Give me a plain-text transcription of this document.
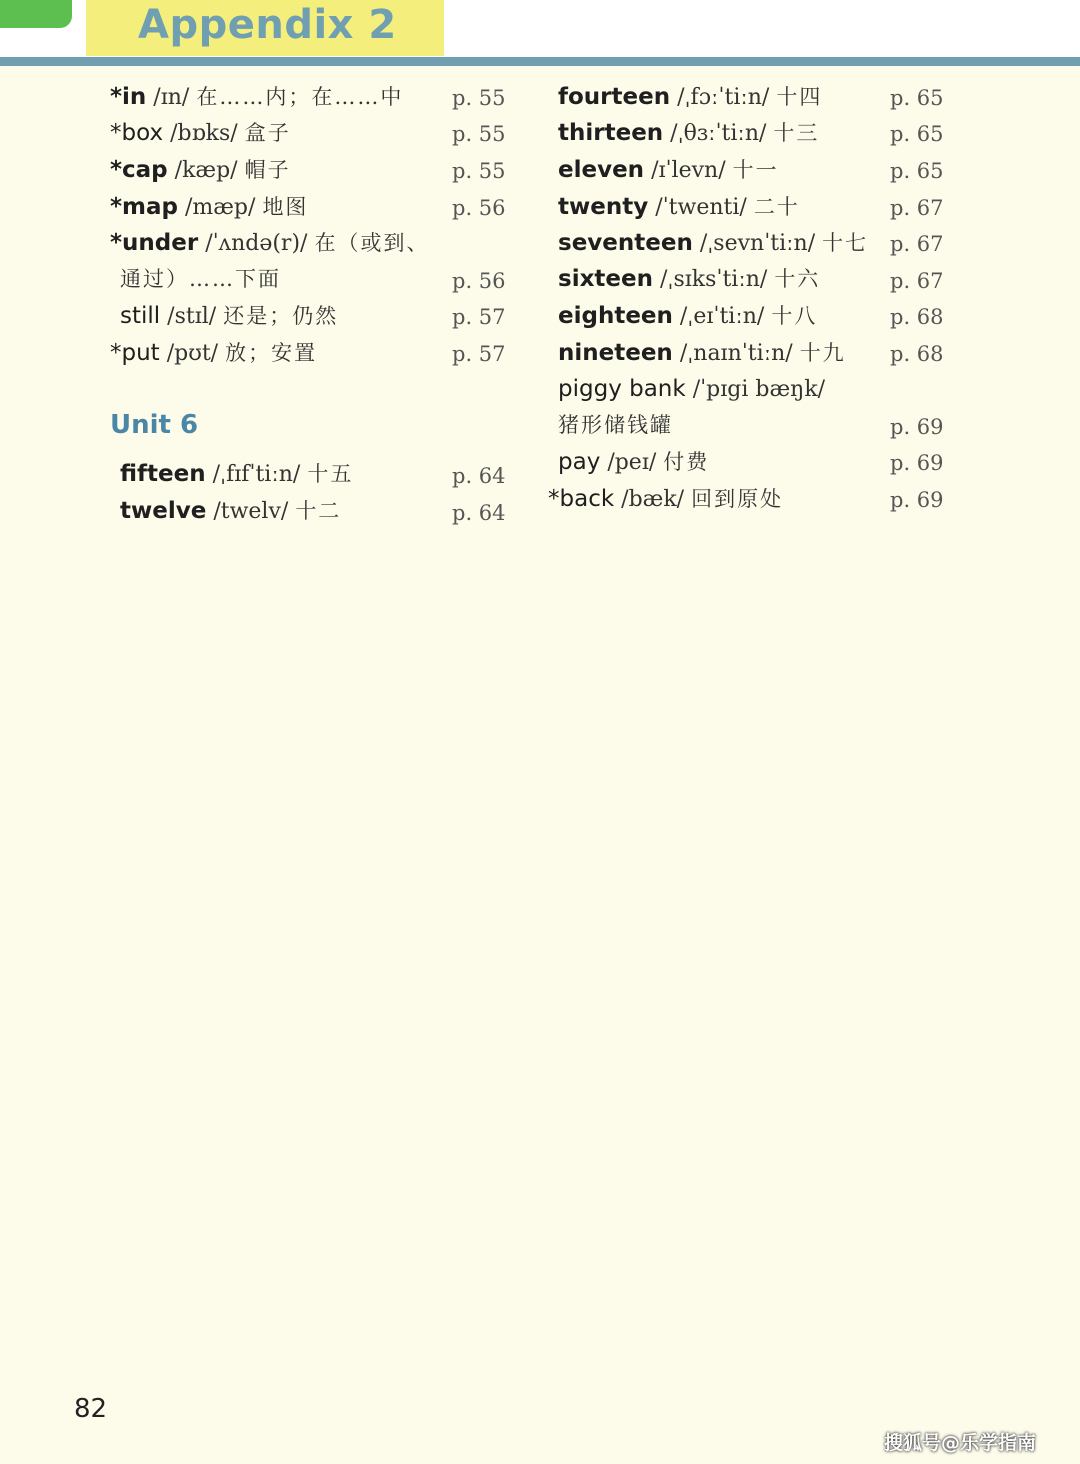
Appendix 2
*in /ɪn/ 在……内；在……中 p. 55
*box /bɒks/ 盒子	p. 55
*cap /kæp/ 帽子	p. 55
*map /mæp/ 地图	p. 56
*under /ˈʌndə(r)/ 在（或到、
通过）……下面	p. 56
still /stɪl/ 还是；仍然	p. 57
*put /pʊt/ 放；安置	p. 57
Unit 6
fifteen /ˌfɪfˈtiːn/ 十五	p. 64
twelve /twelv/ 十二	p. 64
fourteen /ˌfɔːˈtiːn/ 十四	p. 65
thirteen /ˌθɜːˈtiːn/ 十三	p. 65
eleven /ɪˈlevn/ 十一	p. 65
twenty /ˈtwenti/ 二十	p. 67
seventeen /ˌsevnˈtiːn/ 十七 p. 67
sixteen /ˌsɪksˈtiːn/ 十六	p. 67
eighteen /ˌeɪˈtiːn/ 十八	p. 68
nineteen /ˌnaɪnˈtiːn/ 十九 p. 68
piggy bank /ˈpɪgi bæŋk/
猪形储钱罐	p. 69
pay /peɪ/ 付费	p. 69
*back /bæk/ 回到原处	p. 69
82
搜狐号@乐学指南
